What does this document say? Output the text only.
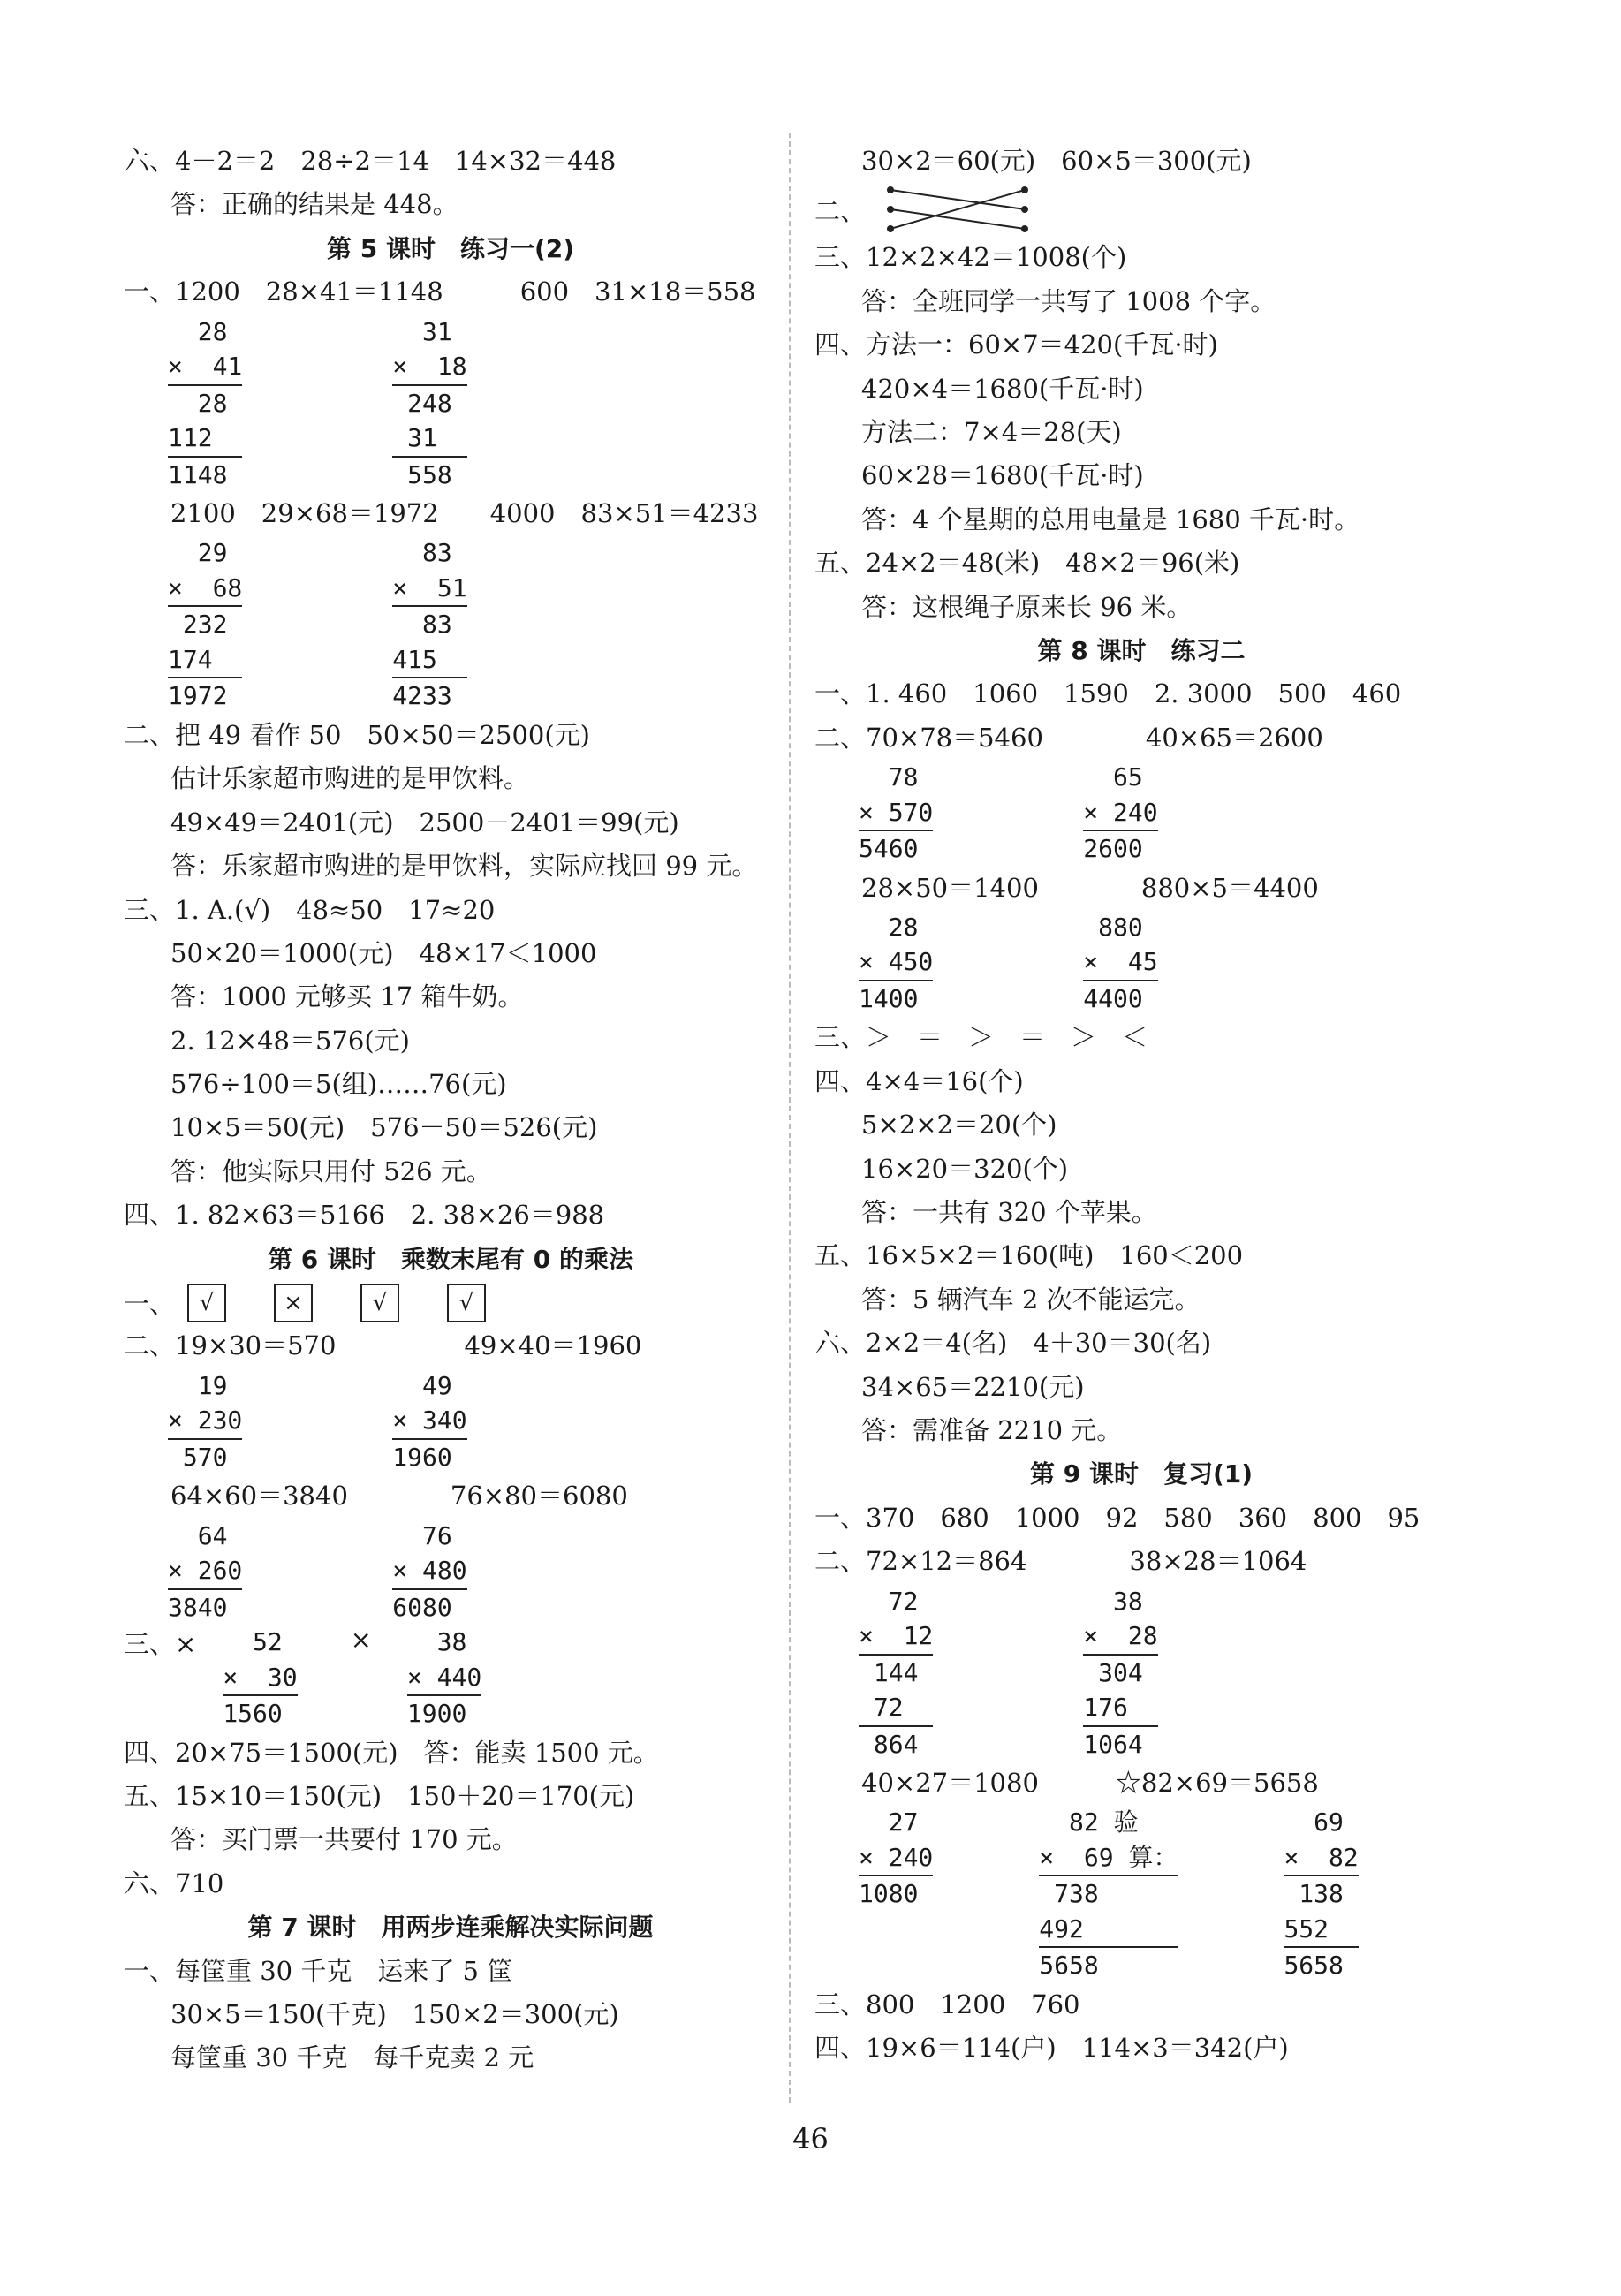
六、4－2＝2　28÷2＝14　14×32＝448
答：正确的结果是 448。
第 5 课时　练习一(2)
一、1200　28×41＝1148　　　600　31×18＝558
28
×  41
28
112
1148
31
×  18
248
31
558
2100　29×68＝1972　　4000　83×51＝4233
29
×  68
232
174
1972
83
×  51
83
415
4233
二、把 49 看作 50　50×50＝2500(元)
估计乐家超市购进的是甲饮料。
49×49＝2401(元)　2500－2401＝99(元)
答：乐家超市购进的是甲饮料，实际应找回 99 元。
三、1. A.(√)　48≈50　17≈20
50×20＝1000(元)　48×17＜1000
答：1000 元够买 17 箱牛奶。
2. 12×48＝576(元)
576÷100＝5(组)……76(元)
10×5＝50(元)　576－50＝526(元)
答：他实际只用付 526 元。
四、1. 82×63＝5166　2. 38×26＝988
第 6 课时　乘数末尾有 0 的乘法
一、	√	×	√	√
二、19×30＝570　　　　　49×40＝1960
19
× 230
570
49
× 340
1960
64×60＝3840　　　　76×80＝6080
64
× 260
3840
76
× 480
6080
三、× 52
×  30
1560
× 38
× 440
1900
四、20×75＝1500(元)　答：能卖 1500 元。
五、15×10＝150(元)　150＋20＝170(元)
答：买门票一共要付 170 元。
六、710
第 7 课时　用两步连乘解决实际问题
一、每筐重 30 千克　运来了 5 筐
30×5＝150(千克)　150×2＝300(元)
每筐重 30 千克　每千克卖 2 元
30×2＝60(元)　60×5＝300(元)
二、
三、12×2×42＝1008(个)
答：全班同学一共写了 1008 个字。
四、方法一：60×7＝420(千瓦·时)
420×4＝1680(千瓦·时)
方法二：7×4＝28(天)
60×28＝1680(千瓦·时)
答：4 个星期的总用电量是 1680 千瓦·时。
五、24×2＝48(米)　48×2＝96(米)
答：这根绳子原来长 96 米。
第 8 课时　练习二
一、1. 460　1060　1590　2. 3000　500　460
二、70×78＝5460　　　　40×65＝2600
78
× 570
5460
65
× 240
2600
28×50＝1400　　　　880×5＝4400
28
× 450
1400
880
×  45
4400
三、＞　＝　＞　＝　＞　＜
四、4×4＝16(个)
5×2×2＝20(个)
16×20＝320(个)
答：一共有 320 个苹果。
五、16×5×2＝160(吨)　160＜200
答：5 辆汽车 2 次不能运完。
六、2×2＝4(名)　4＋30＝30(名)
34×65＝2210(元)
答：需准备 2210 元。
第 9 课时　复习(1)
一、370　680　1000　92　580　360　800　95
二、72×12＝864　　　　38×28＝1064
72
×  12
144
72
864
38
×  28
304
176
1064
40×27＝1080　　　☆82×69＝5658
27
× 240
1080
82 验
×  69 算：
738
492
5658
69
×  82
138
552
5658
三、800　1200　760
四、19×6＝114(户)　114×3＝342(户)
46
